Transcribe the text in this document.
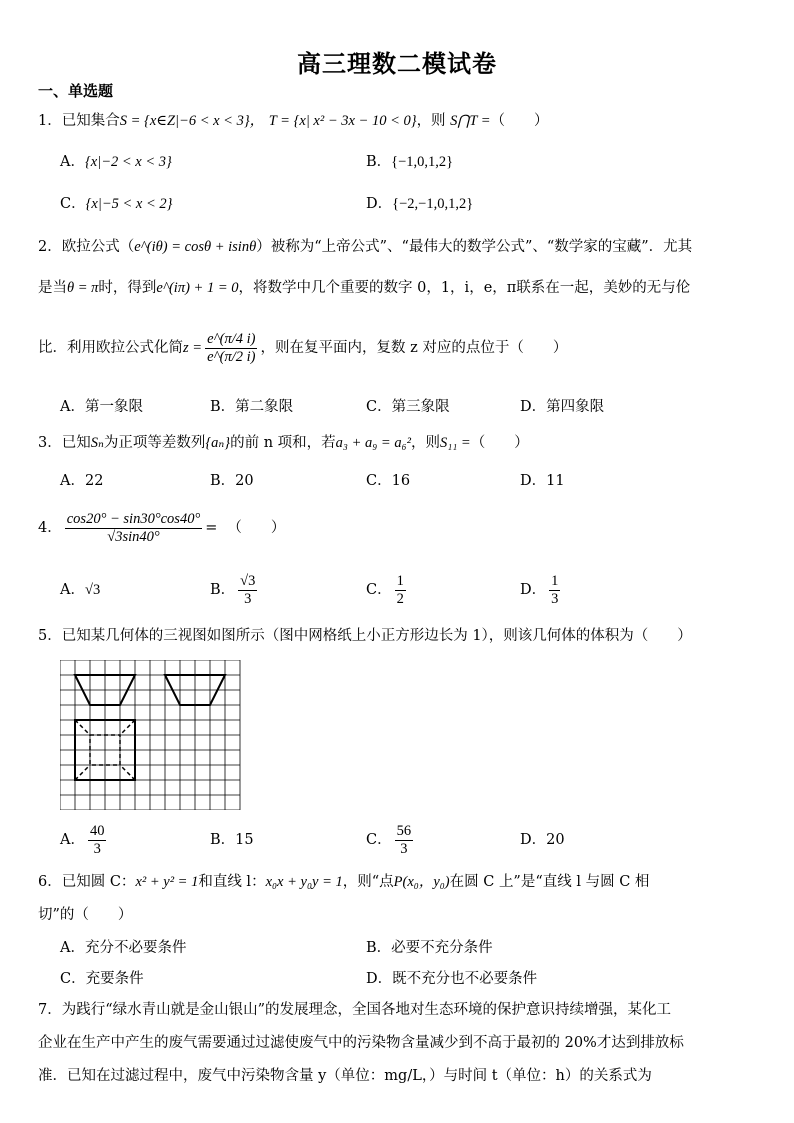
高三理数二模试卷
一、单选题
1．已知集合S = {x∈Z|−6 < x < 3}， T = {x| x² − 3x − 10 < 0}，则 S⋂T =（　　）
A．{x|−2 < x < 3}	B．{−1,0,1,2}
C．{x|−5 < x < 2}	D．{−2,−1,0,1,2}
2．欧拉公式（e^(iθ) = cosθ + isinθ）被称为“上帝公式”、“最伟大的数学公式”、“数学家的宝藏”．尤其
是当θ = π时，得到e^(iπ) + 1 = 0，将数学中几个重要的数字 0，1，i，e，π联系在一起，美妙的无与伦
比．利用欧拉公式化简 $z = \frac{e\^{}(\pi/4 i)}{e\^{}(\pi/2 i)}$ ，则在复平面内，复数 z 对应的点位于（　　）
A．第一象限	B．第二象限	C．第三象限	D．第四象限
3．已知Sₙ为正项等差数列{aₙ}的前 n 项和，若a₃ + a₉ = a₆²，则S₁₁ =（　　）
A．22	B．20	C．16	D．11
4． $\frac{\cos 20^\circ - \sin 30^\circ\cos 40^\circ}{√3\sin 40^\circ}$ = （　　）
A． √3	B． $\frac{√3}{3}$	C． $\frac{1}{2}$	D． $\frac{1}{3}$
5．已知某几何体的三视图如图所示（图中网格纸上小正方形边长为 1），则该几何体的体积为（　　）
A． $\frac{40}{3}$	B． 15	C． $\frac{56}{3}$	D． 20
6．已知圆 C：x² + y² = 1和直线 l：x₀x + y₀y = 1，则“点P(x₀，y₀)在圆 C 上”是“直线 l 与圆 C 相
切”的（　　）
A．充分不必要条件	B．必要不充分条件
C．充要条件	D．既不充分也不必要条件
7．为践行“绿水青山就是金山银山”的发展理念，全国各地对生态环境的保护意识持续增强，某化工
企业在生产中产生的废气需要通过过滤使废气中的污染物含量减少到不高于最初的 20%才达到排放标
准．已知在过滤过程中，废气中污染物含量 y（单位：mg/L，）与时间 t（单位：h）的关系式为
